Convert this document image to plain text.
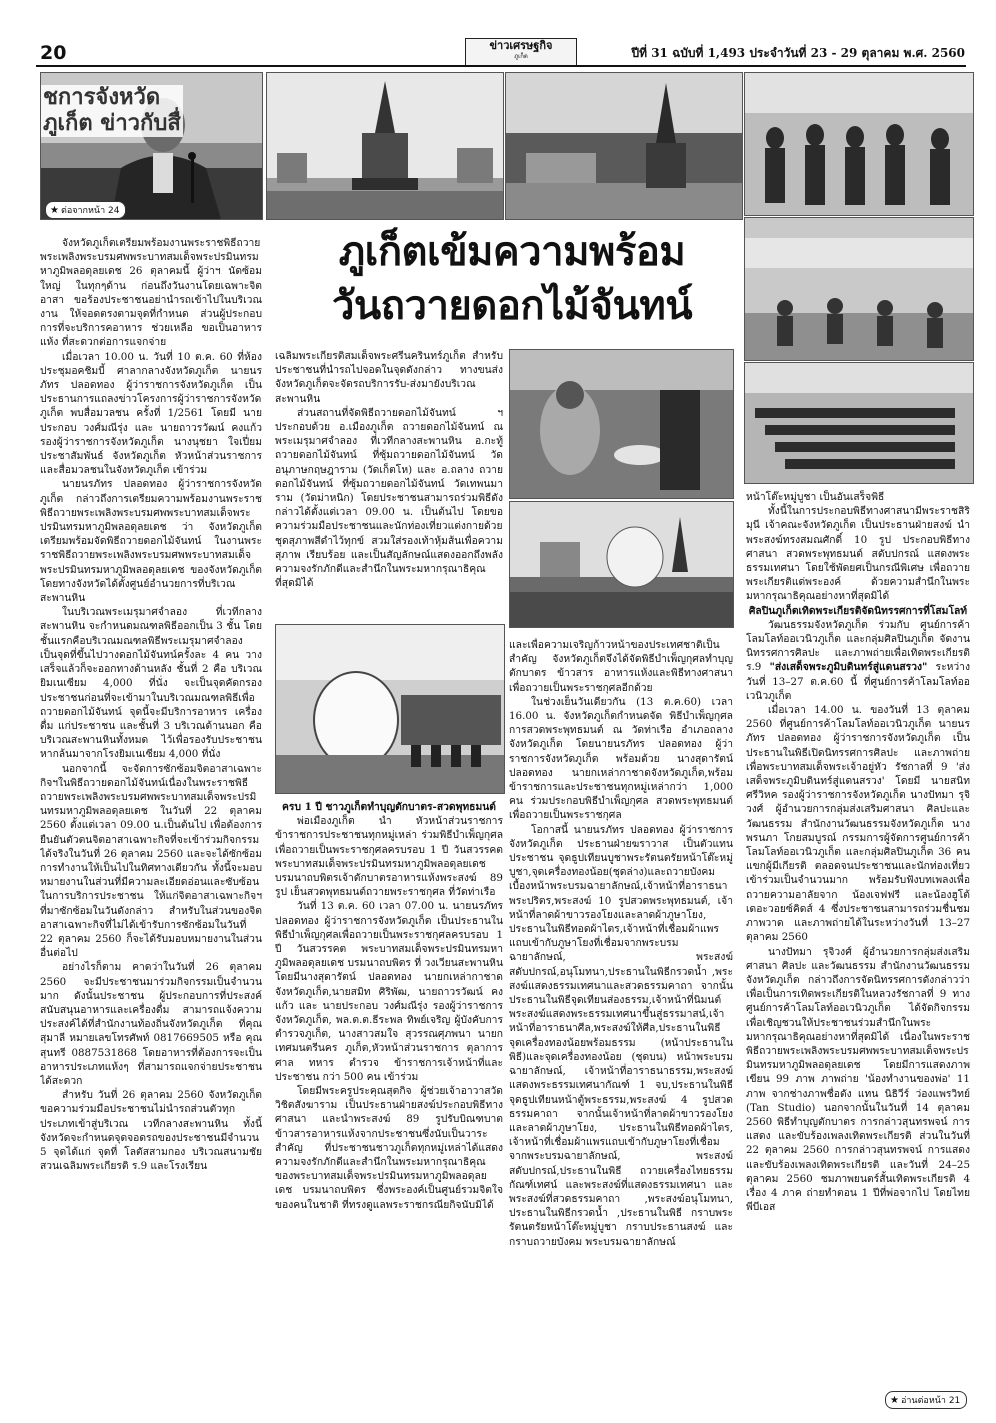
20	ข่าวเศรษฐกิจ
ภูเก็ต	ปีที่ 31 ฉบับที่ 1,493 ประจำวันที่ 23 - 29 ตุลาคม พ.ศ. 2560
ชการจังหวัดภูเก็ต ข่าวกับสื่
★ ต่อจากหน้า 24
ภูเก็ตเข้มความพร้อม
วันถวายดอกไม้จันทน์

จังหวัดภูเก็ตเตรียมพร้อมงานพระราชพิธีถวาย พระเพลิงพระบรมศพพระบาทสมเด็จพระปรมินทรมหาภูมิพลอดุลยเดช 26 ตุลาคมนี้ ผู้ว่าฯ นัดซ้อมใหญ่ ในทุกๆด้าน ก่อนถึงวันงานโดยเฉพาะจิตอาสา ขอร้องประชาชนอย่านำรถเข้าไปในบริเวณงาน ให้จอดตรงตามจุดที่กำหนด ส่วนผู้ประกอบการที่จะบริการคอาหาร ช่วยเหลือ ขอเป็นอาหารแห้ง ที่สะดวกต่อการแจกจ่าย

เมื่อเวลา 10.00 น. วันที่ 10 ต.ค. 60 ที่ห้องประชุมอคชิมบี้ ศาลากลางจังหวัดภูเก็ต นายนรภัทร ปลอดทอง ผู้ว่าราชการจังหวัดภูเก็ต เป็นประธานการแถลงข่าวโครงการผู้ว่าราชการจังหวัดภูเก็ต พบสื่อมวลชน ครั้งที่ 1/2561 โดยมี นายประกอบ วงศ์มณีรุ่ง และ นายถาวรวัฒน์ คงแก้ว รองผู้ว่าราชการจังหวัดภูเก็ต นางนุชยา ใจเปี่ยม ประชาสัมพันธ์ จังหวัดภูเก็ต หัวหน้าส่วนราชการ และสื่อมวลชนในจังหวัดภูเก็ต เข้าร่วม

นายนรภัทร ปลอดทอง ผู้ว่าราชการจังหวัดภูเก็ต กล่าวถึงการเตรียมความพร้อมงานพระราชพิธีถวายพระเพลิงพระบรมศพพระบาทสมเด็จพระปรมินทรมหาภูมิพลอดุลยเดช ว่า จังหวัดภูเก็ตเตรียมพร้อมจัดพิธีถวายดอกไม้จันทน์ ในงานพระราชพิธีถวายพระเพลิงพระบรมศพพระบาทสมเด็จพระปรมินทรมหาภูมิพลอดุลยเดช ของจังหวัดภูเก็ต โดยทางจังหวัดได้ตั้งศูนย์อำนวยการที่บริเวณสะพานหิน

ในบริเวณพระเมรุมาศจำลอง ที่เวทีกลางสะพานหิน จะกำหนดมณฑลพิธีออกเป็น 3 ชั้น โดยชั้นแรกคือบริเวณมณฑลพิธีพระเมรุมาศจำลอง เป็นจุดที่ขึ้นไปวางดอกไม้จันทน์ครั้งละ 4 คน วางเสร็จแล้วก็จะออกทางด้านหลัง ชั้นที่ 2 คือ บริเวณ ยิมเนเซียม 4,000 ที่นั่ง จะเป็นจุดคัดกรองประชาชนก่อนที่จะเข้ามาในบริเวณมณฑลพิธีเพื่อถวายดอกไม้จันทน์ จุดนี้จะมีบริการอาหาร เครื่องดื่ม แก่ประชาชน และชั้นที่ 3 บริเวณด้านนอก คือ บริเวณสะพานหินทั้งหมด ไว้เพื่อรองรับประชาชนหากล้นมาจากโรงยิมเนเซียม 4,000 ที่นั่ง

นอกจากนี้ จะจัดการซักซ้อมจิตอาสาเฉพาะกิจฯในพิธีถวายดอกไม้จันทน์เนื่องในพระราชพิธีถวายพระเพลิงพระบรมศพพระบาทสมเด็จพระปรมินทรมหาภูมิพลอดุลยเดช ในวันที่ 22 ตุลาคม 2560 ตั้งแต่เวลา 09.00 น.เป็นต้นไป เพื่อต้องการยืนยันตัวตนจิตอาสาเฉพาะกิจที่จะเข้าร่วมกิจกรรมได้จริงในวันที่ 26 ตุลาคม 2560 และจะได้ซักซ้อมการทำงานให้เป็นไปในทิศทางเดียวกัน ทั้งนี้จะมอบหมายงานในส่วนที่มีความละเอียดอ่อนและซับซ้อนในการบริการประชาชน ให้แก่จิตอาสาเฉพาะกิจฯที่มาซักซ้อมในวันดังกล่าว สำหรับในส่วนของจิตอาสาเฉพาะกิจที่ไม่ได้เข้ารับการซักซ้อมในวันที่ 22 ตุลาคม 2560 ก็จะได้รับมอบหมายงานในส่วนอื่นต่อไป

อย่างไรก็ตาม คาดว่าในวันที่ 26 ตุลาคม 2560 จะมีประชาชนมาร่วมกิจกรรมเป็นจำนวนมาก ดังนั้นประชาชน ผู้ประกอบการที่ประสงค์สนับสนุนอาหารและเครื่องดื่ม สามารถแจ้งความประสงค์ได้ที่สำนักงานท้องถิ่นจังหวัดภูเก็ต ที่คุณสุมาลี หมายเลขโทรศัพท์ 0817669505 หรือ คุณสุนทรี 0887531868 โดยอาหารที่ต้องการจะเป็นอาหารประเภทแห้งๆ ที่สามารถแจกจ่ายประชาชนได้สะดวก

สำหรับ วันที่ 26 ตุลาคม 2560 จังหวัดภูเก็ตขอความร่วมมือประชาชนไม่นำรถส่วนตัวทุกประเภทเข้าสู่บริเวณ เวทีกลางสะพานหิน ทั้งนี้จังหวัดจะกำหนดจุดจอดรถของประชาชนมีจำนวน 5 จุดได้แก่ จุดที่ โลตัสสามกอง บริเวณสนามชัย สวนเฉลิมพระเกียรติ ร.9 และโรงเรียน

เฉลิมพระเกียรติสมเด็จพระศรีนครินทร์ภูเก็ต สำหรับประชาชนที่นำรถไปจอดในจุดดังกล่าว ทางขนส่งจังหวัดภูเก็ตจะจัดรถบริการรับ-ส่งมายังบริเวณสะพานหิน

ส่วนสถานที่จัดพิธีถวายดอกไม้จันทน์ ฯ ประกอบด้วย อ.เมืองภูเก็ต ถวายดอกไม้จันทน์ ณ พระเมรุมาศจำลอง ที่เวทีกลางสะพานหิน อ.กะทู้ ถวายดอกไม้จันทน์ ที่ซุ้มถวายดอกไม้จันทน์ วัดอนุภาษกฤษฎาราม (วัดเก็ตโห) และ อ.ถลาง ถวายดอกไม้จันทน์ ที่ซุ้มถวายดอกไม้จันทน์ วัดเทพนมาราม (วัดม่าหนิก) โดยประชาชนสามารถร่วมพิธีดังกล่าวได้ตั้งแต่เวลา 09.00 น. เป็นต้นไป โดยขอความร่วมมือประชาชนและนักท่องเที่ยวแต่งกายด้วย ชุดสุภาพสีดำไว้ทุกข์ สวมใส่รองเท้าหุ้มส้นเพื่อความสุภาพ เรียบร้อย และเป็นสัญลักษณ์แสดงออกถึงพลังความจงรักภักดีและสำนึกในพระมหากรุณาธิคุณที่สุดมิได้

ครบ 1 ปี ชาวภูเก็ตทำบุญตักบาตร-สวดพุทธมนต์

พ่อเมืองภูเก็ต นำ หัวหน้าส่วนราชการข้าราชการประชาชนทุกหมู่เหล่า ร่วมพิธีบำเพ็ญกุศลเพื่อถวายเป็นพระราชกุศลครบรอบ 1 ปี วันสวรรคต พระบาทสมเด็จพระปรมินทรมหาภูมิพลอดุลยเดช บรมนาถบพิตรเจ้าตักบาตรอาหารแห้งพระสงฆ์ 89 รูป เย็นสวดพุทธมนต์ถวายพระราชกุศล ที่วัดท่าเรือ

วันที่ 13 ต.ค. 60 เวลา 07.00 น. นายนรภัทร ปลอดทอง ผู้ว่าราชการจังหวัดภูเก็ต เป็นประธานในพิธีบำเพ็ญกุศลเพื่อถวายเป็นพระราชกุศลครบรอบ 1 ปี วันสวรรคต พระบาทสมเด็จพระปรมินทรมหาภูมิพลอดุลยเดช บรมนาถบพิตร ที่ วงเวียนสะพานหิน โดยมีนางสุดารัตน์ ปลอดทอง นายกเหล่ากาชาดจังหวัดภูเก็ต,นายสมิท ศิริพัฒ, นายถาวรวัฒน์ คงแก้ว และ นายประกอบ วงศ์มณีรุ่ง รองผู้ว่าราชการจังหวัดภูเก็ต, พล.ต.ต.ธีระพล ทิพย์เจริญ ผู้บังคับการตำรวจภูเก็ต, นางสาวสมใจ สุวรรณศุภพนา นายกเทศมนตรีนคร ภูเก็ต,หัวหน้าส่วนราชการ ตุลาการ ศาล ทหาร ตำรวจ ข้าราชการเจ้าหน้าที่และประชาชน กว่า 500 คน เข้าร่วม

โดยมีพระครูประคุณสุตกิจ ผู้ช่วยเจ้าอาวาสวัดวิชิตสังฆาราม เป็นประธานฝ่ายสงฆ์ประกอบพิธีทางศาสนา และนำพระสงฆ์ 89 รูปรับบิณฑบาต ข้าวสารอาหารแห้งจากประชาชนซึ่งนับเป็นวาระสำคัญ ที่ประชาชนชาวภูเก็ตทุกหมู่เหล่าได้แสดงความจงรักภักดีและสำนึกในพระมหากรุณาธิคุณของพระบาทสมเด็จพระปรมินทรมหาภูมิพลอดุลยเดช บรมนาถบพิตร ซึ่งพระองค์เป็นศูนย์รวมจิตใจของคนในชาติ ที่ทรงดูแลพระราชกรณียกิจนับมิได้

และเพื่อความเจริญก้าวหน้าของประเทศชาติเป็นสำคัญ จังหวัดภูเก็ตจึงได้จัดพิธีบำเพ็ญกุศลทำบุญตักบาตร ข้าวสาร อาหารแห้งและพิธีทางศาสนา เพื่อถวายเป็นพระราชกุศลอีกด้วย

ในช่วงเย็นวันเดียวกัน (13 ต.ค.60) เวลา 16.00 น. จังหวัดภูเก็ตกำหนดจัด พิธีบำเพ็ญกุศลการสวดพระพุทธมนต์ ณ วัดท่าเรือ อำเภอถลาง จังหวัดภูเก็ต โดยนายนรภัทร ปลอดทอง ผู้ว่าราชการจังหวัดภูเก็ต พร้อมด้วย นางสุดารัตน์ ปลอดทอง นายกเหล่ากาชาดจังหวัดภูเก็ต,พร้อมข้าราชการและประชาชนทุกหมู่เหล่ากว่า 1,000 คน ร่วมประกอบพิธีบำเพ็ญกุศล สวดพระพุทธมนต์ เพื่อถวายเป็นพระราชกุศล

โอกาสนี้ นายนรภัทร ปลอดทอง ผู้ว่าราชการ จังหวัดภูเก็ต ประธานฝ่ายฆราวาส เป็นตัวแทนประชาชน จุดธูปเทียนบูชาพระรัตนตรัยหน้าโต๊ะหมู่บูชา,จุดเครื่องทองน้อย(ชุดล่าง)และถวายบังคมเบื้องหน้าพระบรมฉายาลักษณ์,เจ้าหน้าที่อาราธนาพระปริตร,พระสงฆ์ 10 รูปสวดพระพุทธมนต์, เจ้าหน้าที่ลาดผ้าขาวรองโยงและลาดผ้าภูษาโยง, ประธานในพิธีทอดผ้าไตร,เจ้าหน้าที่เชื่อมผ้าแพรแถบเข้ากับภูษาโยงที่เชื่อมจากพระบรมฉายาลักษณ์, พระสงฆ์สดับปกรณ์,อนุโมทนา,ประธานในพิธีกรวดน้ำ ,พระสงฆ์แสดงธรรมเทศนาและสวดธรรมคาถา จากนั้นประธานในพิธีจุดเทียนส่องธรรม,เจ้าหน้าที่นิมนต์พระสงฆ์แสดงพระธรรมเทศนาขึ้นสู่ธรรมาสน์,เจ้าหน้าที่อาราธนาศีล,พระสงฆ์ให้ศีล,ประธานในพิธีจุดเครื่องทองน้อยพร้อมธรรม (หน้าประธานในพิธี)และจุดเครื่องทองน้อย (ชุดบน) หน้าพระบรมฉายาลักษณ์, เจ้าหน้าที่อาราธนาธรรม,พระสงฆ์แสดงพระธรรมเทศนากัณฑ์ 1 จบ,ประธานในพิธีจุดธูปเทียนหน้าตู้พระธรรม,พระสงฆ์ 4 รูปสวดธรรมคาถา จากนั้นเจ้าหน้าที่ลาดผ้าขาวรองโยงและลาดผ้าภูษาโยง, ประธานในพิธีทอดผ้าไตร, เจ้าหน้าที่เชื่อมผ้าแพรแถบเข้ากับภูษาโยงที่เชื่อมจากพระบรมฉายาลักษณ์, พระสงฆ์สดับปกรณ์,ประธานในพิธี ถวายเครื่องไทยธรรมกัณฑ์เทศน์ และพระสงฆ์ที่แสดงธรรมเทศนา และพระสงฆ์ที่สวดธรรมคาถา ,พระสงฆ์อนุโมทนา, ประธานในพิธีกรวดน้ำ ,ประธานในพิธี กราบพระรัตนตรัยหน้าโต๊ะหมู่บูชา กราบประธานสงฆ์ และกราบถวายบังคม พระบรมฉายาลักษณ์

หน้าโต๊ะหมู่บูชา เป็นอันเสร็จพิธี

ทั้งนี้ในการประกอบพิธีทางศาสนามีพระราชสิริมุนี เจ้าคณะจังหวัดภูเก็ต เป็นประธานฝ่ายสงฆ์ นำพระสงฆ์ทรงสมณศักดิ์ 10 รูป ประกอบพิธีทางศาสนา สวดพระพุทธมนต์ สดับปกรณ์ แสดงพระธรรมเทศนา โดยใช้พัดยศเป็นกรณีพิเศษ เพื่อถวายพระเกียรติแด่พระองค์ ด้วยความสำนึกในพระมหากรุณาธิคุณอย่างหาที่สุดมิได้

ศิลปินภูเก็ตเทิดพระเกียรติจัดนิทรรศการที่โสมโลท์

วัฒนธรรมจังหวัดภูเก็ต ร่วมกับ ศูนย์การค้าโลมโลท์ออเวนิวภูเก็ต และกลุ่มศิลปินภูเก็ต จัดงานนิทรรศการศิลปะ และภาพถ่ายเพื่อเทิดพระเกียรติ ร.9 "ส่งเสด็จพระภูมิบดินทร์สู่แดนสรวง" ระหว่างวันที่ 13–27 ต.ค.60 นี้ ที่ศูนย์การค้าโลมโลท์ออเวนิวภูเก็ต

เมื่อเวลา 14.00 น. ของวันที่ 13 ตุลาคม 2560 ที่ศูนย์การค้าโลมโลท์ออเวนิวภูเก็ต นายนรภัทร ปลอดทอง ผู้ว่าราชการจังหวัดภูเก็ต เป็นประธานในพิธีเปิดนิทรรศการศิลปะ และภาพถ่ายเพื่อพระบาทสมเด็จพระเจ้าอยู่หัว รัชกาลที่ 9 'ส่งเสด็จพระภูมิบดินทร์สู่แดนสรวง' โดยมี นายสนิท ศรีวิหค รองผู้ว่าราชการจังหวัดภูเก็ต นางปัทมา รุจิวงศ์ ผู้อำนวยการกลุ่มส่งเสริมศาสนา ศิลปะและวัฒนธรรม สำนักงานวัฒนธรรมจังหวัดภูเก็ต นางพรนภา โกยสมบูรณ์ กรรมการผู้จัดการศูนย์การค้าโลมโลท์ออเวนิวภูเก็ต และกลุ่มศิลปินภูเก็ต 36 คน แขกผู้มีเกียรติ ตลอดจนประชาชนและนักท่องเที่ยว เข้าร่วมเป็นจำนวนมาก พร้อมรับฟังบทเพลงเพื่อถวายความอาลัยจาก น้องเจฟฟรี และน้องฮูโต้ เดอะวอยซ์คิดส์ 4 ซึ่งประชาชนสามารถร่วมชื่นชมภาพวาด และภาพถ่ายได้ในระหว่างวันที่ 13–27 ตุลาคม 2560

นางปัทมา รุจิวงศ์ ผู้อำนวยการกลุ่มส่งเสริมศาสนา ศิลปะ และวัฒนธรรม สำนักงานวัฒนธรรมจังหวัดภูเก็ต กล่าวถึงการจัดนิทรรศการดังกล่าวว่า เพื่อเป็นการเทิดพระเกียรติในหลวงรัชกาลที่ 9 ทางศูนย์การค้าโลมโลท์ออเวนิวภูเก็ต ได้จัดกิจกรรมเพื่อเชิญชวนให้ประชาชนร่วมสำนึกในพระมหากรุณาธิคุณอย่างหาที่สุดมิได้ เนื่องในพระราชพิธีถวายพระเพลิงพระบรมศพพระบาทสมเด็จพระปรมินทรมหาภูมิพลอดุลยเดช โดยมีการแสดงภาพเขียน 99 ภาพ ภาพถ่าย 'น้องทำงานของพ่อ' 11 ภาพ จากช่างภาพชื่อดัง แทน นิธิวีร์ ว่องแพรวิทย์ (Tan Studio) นอกจากนั้นในวันที่ 14 ตุลาคม 2560 พิธีทำบุญตักบาตร การกล่าวสุนทรพจน์ การแสดง และขับร้องเพลงเทิดพระเกียรติ ส่วนในวันที่ 22 ตุลาคม 2560 การกล่าวสุนทรพจน์ การแสดง และขับร้องเพลงเทิดพระเกียรติ และวันที่ 24–25 ตุลาคม 2560 ชมภาพยนตร์สั้นเทิดพระเกียรติ 4 เรื่อง 4 ภาค ถ่ายทำตอน 1 ปีที่พ่อจากไป โดยไทย พีบีเอส

★ อ่านต่อหน้า 21
